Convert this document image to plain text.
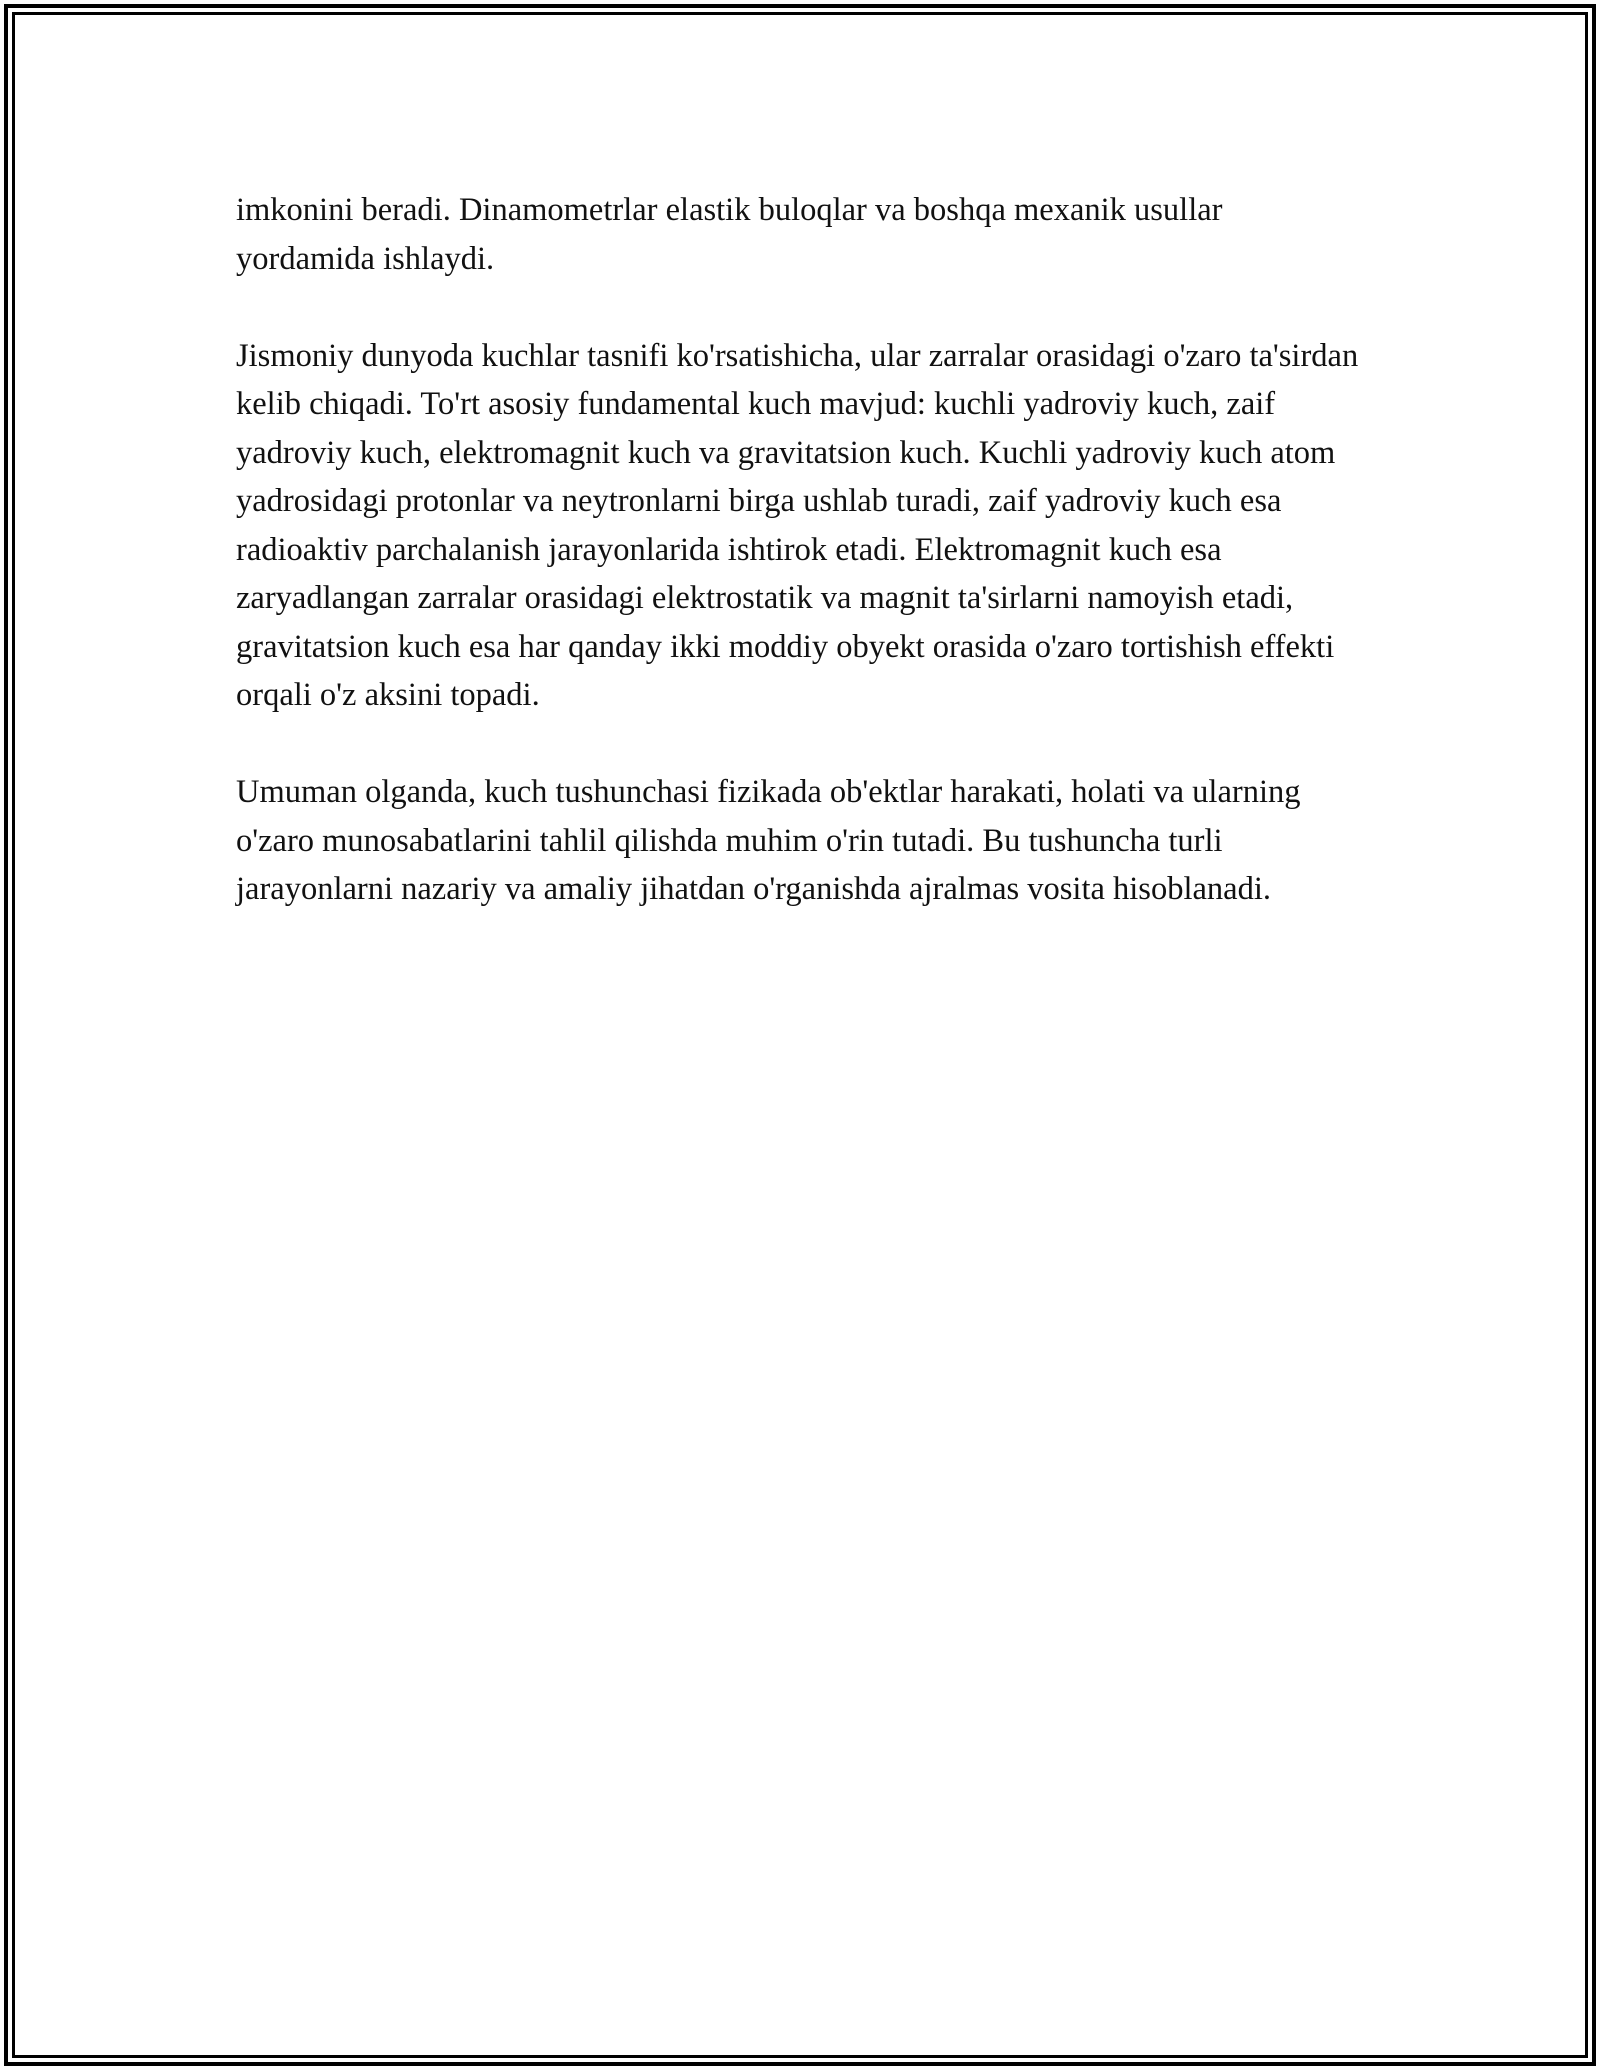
imkonini beradi. Dinamometrlar elastik buloqlar va boshqa mexanik usullar yordamida ishlaydi.

Jismoniy dunyoda kuchlar tasnifi ko'rsatishicha, ular zarralar orasidagi o'zaro ta'sirdan kelib chiqadi. To'rt asosiy fundamental kuch mavjud: kuchli yadroviy kuch, zaif yadroviy kuch, elektromagnit kuch va gravitatsion kuch. Kuchli yadroviy kuch atom yadrosidagi protonlar va neytronlarni birga ushlab turadi, zaif yadroviy kuch esa radioaktiv parchalanish jarayonlarida ishtirok etadi. Elektromagnit kuch esa zaryadlangan zarralar orasidagi elektrostatik va magnit ta'sirlarni namoyish etadi, gravitatsion kuch esa har qanday ikki moddiy obyekt orasida o'zaro tortishish effekti orqali o'z aksini topadi.

Umuman olganda, kuch tushunchasi fizikada ob'ektlar harakati, holati va ularning o'zaro munosabatlarini tahlil qilishda muhim o'rin tutadi. Bu tushuncha turli jarayonlarni nazariy va amaliy jihatdan o'rganishda ajralmas vosita hisoblanadi.
